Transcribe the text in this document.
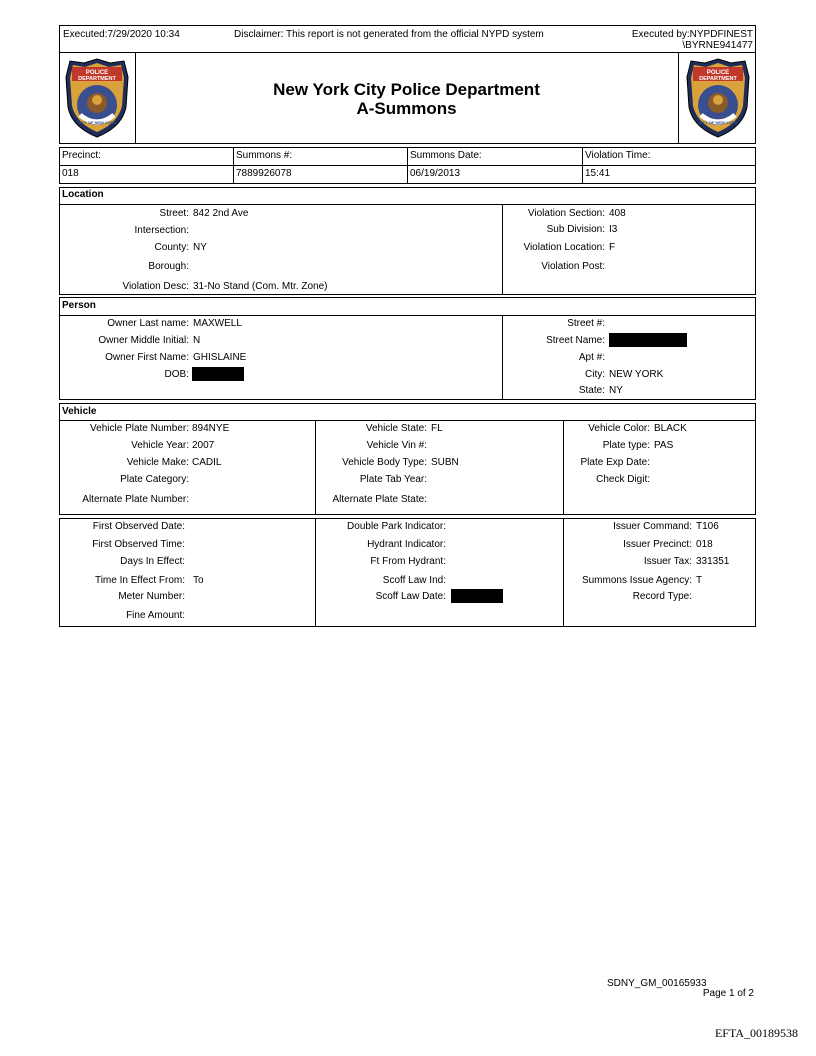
Executed:7/29/2020 10:34	Disclaimer: This report is not generated from the official NYPD system	Executed by:NYPDFINEST
\BYRNE941477
POLICE
DEPARTMENT
CITY OF NEW YORK
POLICE
DEPARTMENT
CITY OF NEW YORK
New York City Police Department
A-Summons
Precinct:	Summons #:	Summons Date:	Violation Time:
018	7889926078	06/19/2013	15:41
Location
Street: 842 2nd Ave
Intersection:
County: NY
Borough:
Violation Desc: 31-No Stand (Com. Mtr. Zone)
Violation Section: 408
Sub Division: I3
Violation Location: F
Violation Post:
Person
Owner Last name: MAXWELL
Owner Middle Initial: N
Owner First Name: GHISLAINE
DOB:
Street #:
Street Name:
Apt #:
City: NEW YORK
State: NY
Vehicle
Vehicle Plate Number: 894NYE
Vehicle Year: 2007
Vehicle Make: CADIL
Plate Category:
Alternate Plate Number:
Vehicle State: FL
Vehicle Vin #:
Vehicle Body Type: SUBN
Plate Tab Year:
Alternate Plate State:
Vehicle Color: BLACK
Plate type: PAS
Plate Exp Date:
Check Digit:
First Observed Date:
First Observed Time:
Days In Effect:
Time In Effect From: To
Meter Number:
Fine Amount:
Double Park Indicator:
Hydrant Indicator:
Ft From Hydrant:
Scoff Law Ind:
Scoff Law Date:
Issuer Command: T106
Issuer Precinct: 018
Issuer Tax: 331351
Summons Issue Agency: T
Record Type:
SDNY_GM_00165933
Page 1 of 2
EFTA_00189538
